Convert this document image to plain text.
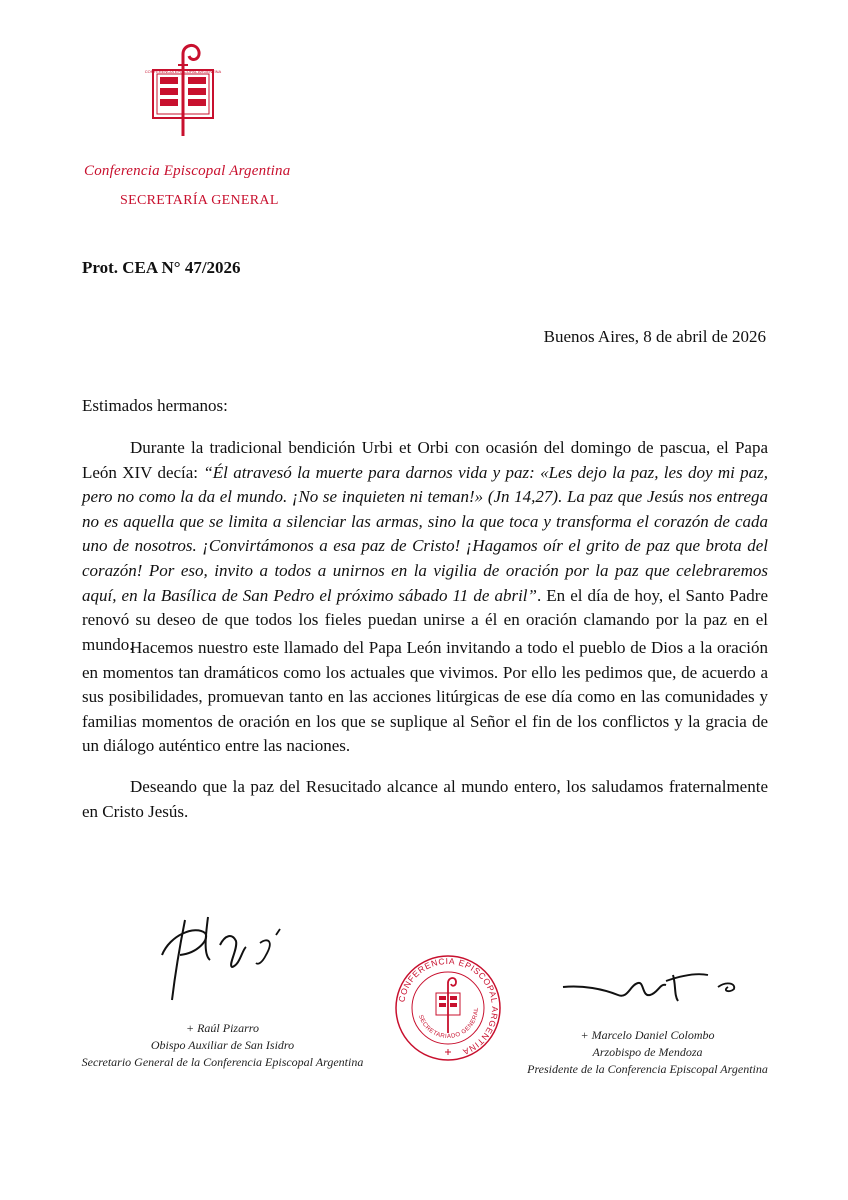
CONFERENCIA EPISCOPAL ARGENTINA
Conferencia Episcopal Argentina
SECRETARÍA GENERAL
Prot. CEA N° 47/2026
Buenos Aires, 8 de abril de 2026
Estimados hermanos:
Durante la tradicional bendición Urbi et Orbi con ocasión del domingo de pascua, el Papa León XIV decía: “Él atravesó la muerte para darnos vida y paz: «Les dejo la paz, les doy mi paz, pero no como la da el mundo. ¡No se inquieten ni teman!» (Jn 14,27). La paz que Jesús nos entrega no es aquella que se limita a silenciar las armas, sino la que toca y transforma el corazón de cada uno de nosotros. ¡Convirtámonos a esa paz de Cristo! ¡Hagamos oír el grito de paz que brota del corazón! Por eso, invito a todos a unirnos en la vigilia de oración por la paz que celebraremos aquí, en la Basílica de San Pedro el próximo sábado 11 de abril”. En el día de hoy, el Santo Padre renovó su deseo de que todos los fieles puedan unirse a él en oración clamando por la paz en el mundo.
Hacemos nuestro este llamado del Papa León invitando a todo el pueblo de Dios a la oración en momentos tan dramáticos como los actuales que vivimos. Por ello les pedimos que, de acuerdo a sus posibilidades, promuevan tanto en las acciones litúrgicas de ese día como en las comunidades y familias momentos de oración en los que se suplique al Señor el fin de los conflictos y la gracia de un diálogo auténtico entre las naciones.
Deseando que la paz del Resucitado alcance al mundo entero, los saludamos fraternalmente en Cristo Jesús.
CONFERENCIA EPISCOPAL ARGENTINA
SECRETARIADO GENERAL
+ Raúl Pizarro
Obispo Auxiliar de San Isidro
Secretario General de la Conferencia Episcopal Argentina
+ Marcelo Daniel Colombo
Arzobispo de Mendoza
Presidente de la Conferencia Episcopal Argentina
